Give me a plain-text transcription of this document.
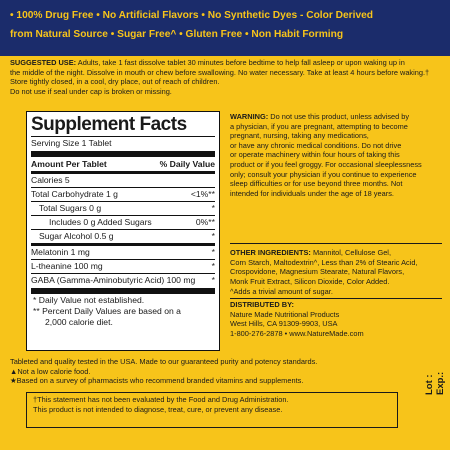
• 100% Drug Free • No Artificial Flavors • No Synthetic Dyes - Color Derived
from Natural Source • Sugar Free^ • Gluten Free • Non Habit Forming

SUGGESTED USE: Adults, take 1 fast dissolve tablet 30 minutes before bedtime to help fall asleep or upon waking up in

the middle of the night. Dissolve in mouth or chew before swallowing. No water necessary. Take at least 4 hours before waking.†

Store tightly closed, in a cool, dry place, out of reach of children.

Do not use if seal under cap is broken or missing.

Supplement Facts
Serving Size 1 Tablet
Amount Per Tablet	% Daily Value
Calories 5
Total Carbohydrate 1 g	<1%**
Total Sugars 0 g	*
Includes 0 g Added Sugars	0%**
Sugar Alcohol 0.5 g	*
Melatonin 1 mg	*
L-theanine 100 mg	*
GABA (Gamma-Aminobutyric Acid) 100 mg *
* Daily Value not established.
** Percent Daily Values are based on a
2,000 calorie diet.

WARNING: Do not use this product, unless advised by

a physician, if you are pregnant, attempting to become

pregnant, nursing, taking any medications,

or have any chronic medical conditions. Do not drive

or operate machinery within four hours of taking this

product or if you feel groggy. For occasional sleeplessness

only; consult your physician if you continue to experience

sleep difficulties or for use beyond three months. Not

intended for individuals under the age of 18 years.

OTHER INGREDIENTS: Mannitol, Cellulose Gel,
Corn Starch, Maltodextrin^, Less than 2% of Stearic Acid,
Crospovidone, Magnesium Stearate, Natural Flavors,
Monk Fruit Extract, Silicon Dioxide, Color Added.
^Adds a trivial amount of sugar.
DISTRIBUTED BY:
Nature Made Nutritional Products
West Hills, CA 91309-9903, USA
1-800-276-2878 • www.NatureMade.com

Tableted and quality tested in the USA. Made to our guaranteed purity and potency standards.

▲Not a low calorie food.

★Based on a survey of pharmacists who recommend branded vitamins and supplements.

†This statement has not been evaluated by the Food and Drug Administration.

This product is not intended to diagnose, treat, cure, or prevent any disease.

Lot : Exp.:
